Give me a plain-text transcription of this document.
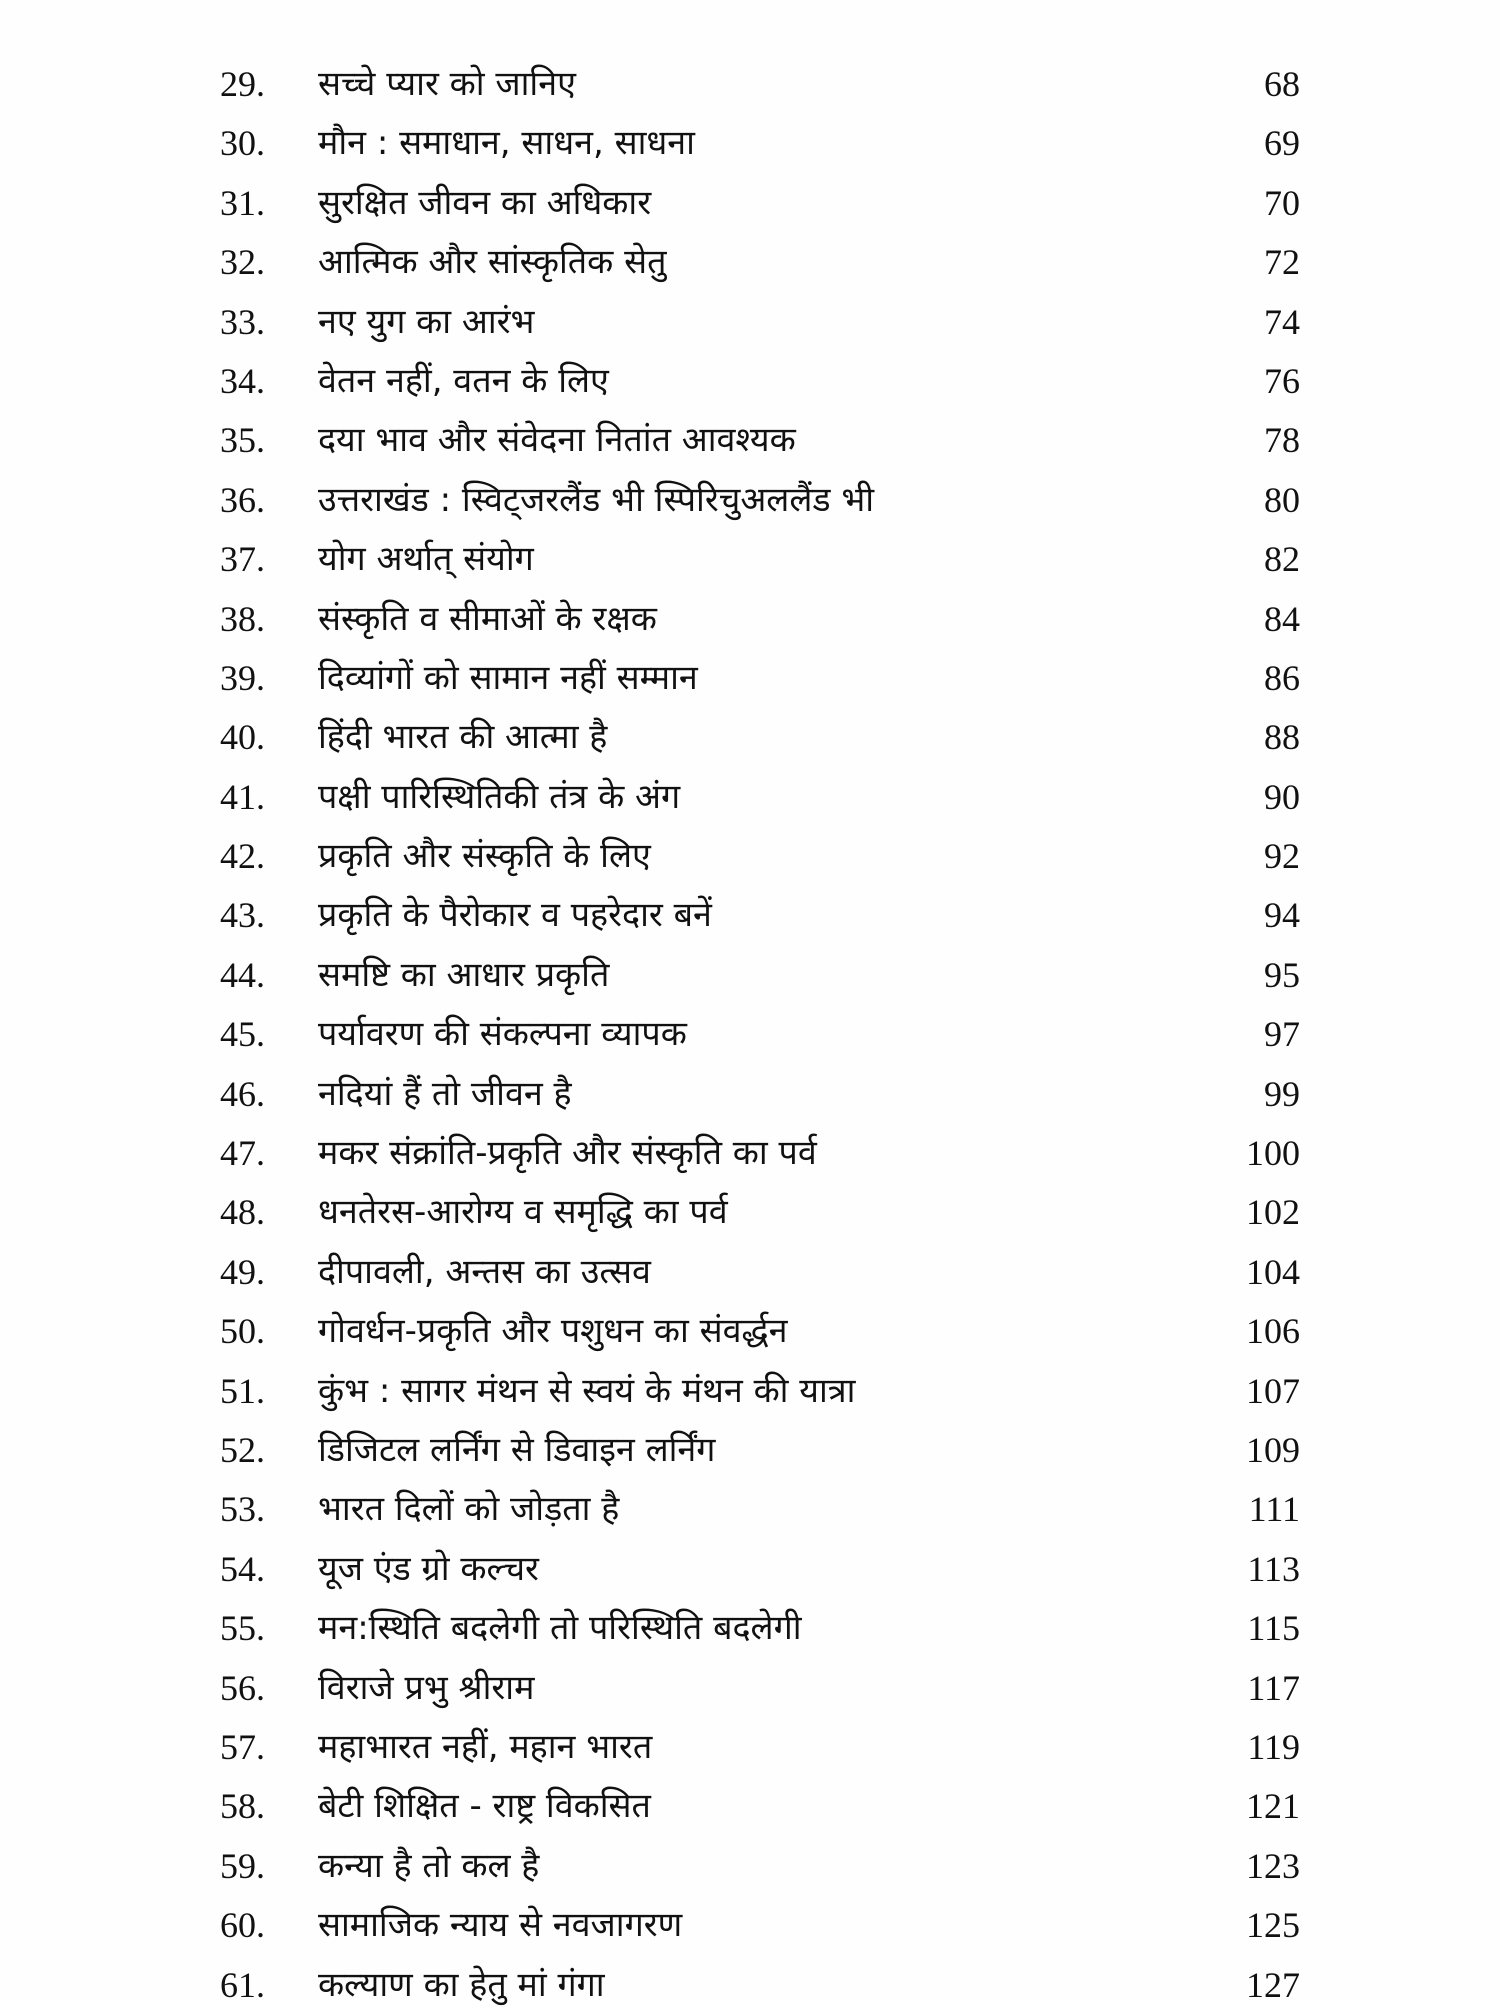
29.	सच्चे प्यार को जानिए	68
30.	मौन : समाधान, साधन, साधना	69
31.	सुरक्षित जीवन का अधिकार	70
32.	आत्मिक और सांस्कृतिक सेतु	72
33.	नए युग का आरंभ	74
34.	वेतन नहीं, वतन के लिए	76
35.	दया भाव और संवेदना नितांत आवश्यक	78
36.	उत्तराखंड : स्विट्जरलैंड भी स्पिरिचुअललैंड भी	80
37.	योग अर्थात् संयोग	82
38.	संस्कृति व सीमाओं के रक्षक	84
39.	दिव्यांगों को सामान नहीं सम्मान	86
40.	हिंदी भारत की आत्मा है	88
41.	पक्षी पारिस्थितिकी तंत्र के अंग	90
42.	प्रकृति और संस्कृति के लिए	92
43.	प्रकृति के पैरोकार व पहरेदार बनें	94
44.	समष्टि का आधार प्रकृति	95
45.	पर्यावरण की संकल्पना व्यापक	97
46.	नदियां हैं तो जीवन है	99
47.	मकर संक्रांति-प्रकृति और संस्कृति का पर्व	100
48.	धनतेरस-आरोग्य व समृद्धि का पर्व	102
49.	दीपावली, अन्तस का उत्सव	104
50.	गोवर्धन-प्रकृति और पशुधन का संवर्द्धन	106
51.	कुंभ : सागर मंथन से स्वयं के मंथन की यात्रा	107
52.	डिजिटल लर्निंग से डिवाइन लर्निंग	109
53.	भारत दिलों को जोड़ता है	111
54.	यूज एंड ग्रो कल्चर	113
55.	मन:स्थिति बदलेगी तो परिस्थिति बदलेगी	115
56.	विराजे प्रभु श्रीराम	117
57.	महाभारत नहीं, महान भारत	119
58.	बेटी शिक्षित - राष्ट्र विकसित	121
59.	कन्या है तो कल है	123
60.	सामाजिक न्याय से नवजागरण	125
61.	कल्याण का हेतु मां गंगा	127
